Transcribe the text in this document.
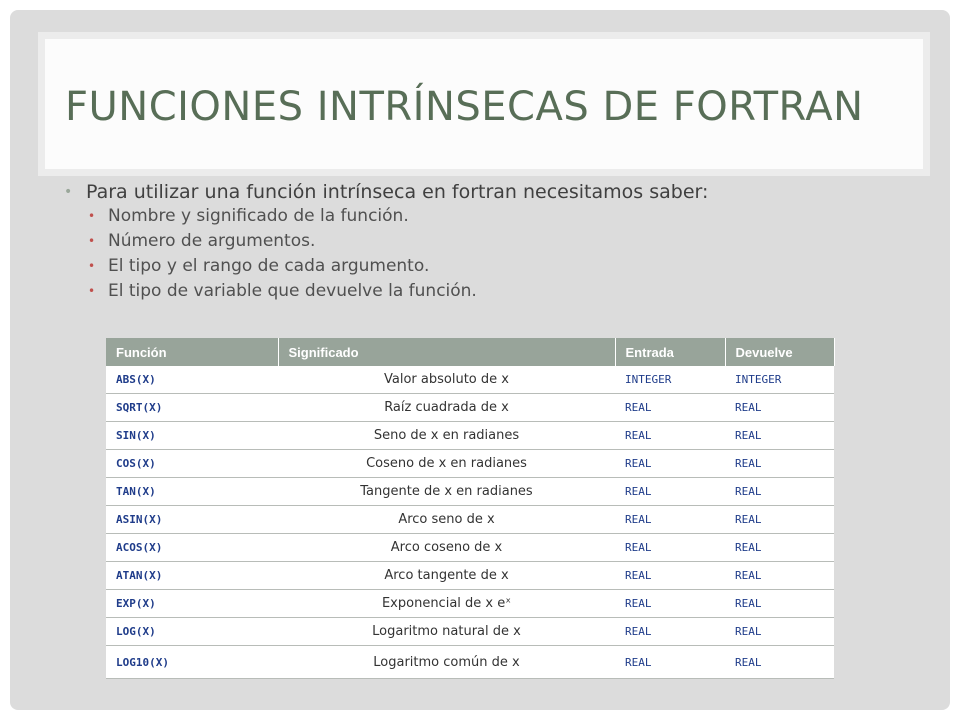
FUNCIONES INTRÍNSECAS DE FORTRAN
• Para utilizar una función intrínseca en fortran necesitamos saber:
• Nombre y significado de la función.
• Número de argumentos.
• El tipo y el rango de cada argumento.
• El tipo de variable que devuelve la función.
Función	Significado	Entrada	Devuelve
ABS(X)	Valor absoluto de x	INTEGER	INTEGER
SQRT(X)	Raíz cuadrada de x	REAL	REAL
SIN(X)	Seno de x en radianes	REAL	REAL
COS(X)	Coseno de x en radianes	REAL	REAL
TAN(X)	Tangente de x en radianes	REAL	REAL
ASIN(X)	Arco seno de x	REAL	REAL
ACOS(X)	Arco coseno de x	REAL	REAL
ATAN(X)	Arco tangente de x	REAL	REAL
EXP(X)	Exponencial de x eˣ	REAL	REAL
LOG(X)	Logaritmo natural de x	REAL	REAL
LOG10(X)	Logaritmo común de x	REAL	REAL
